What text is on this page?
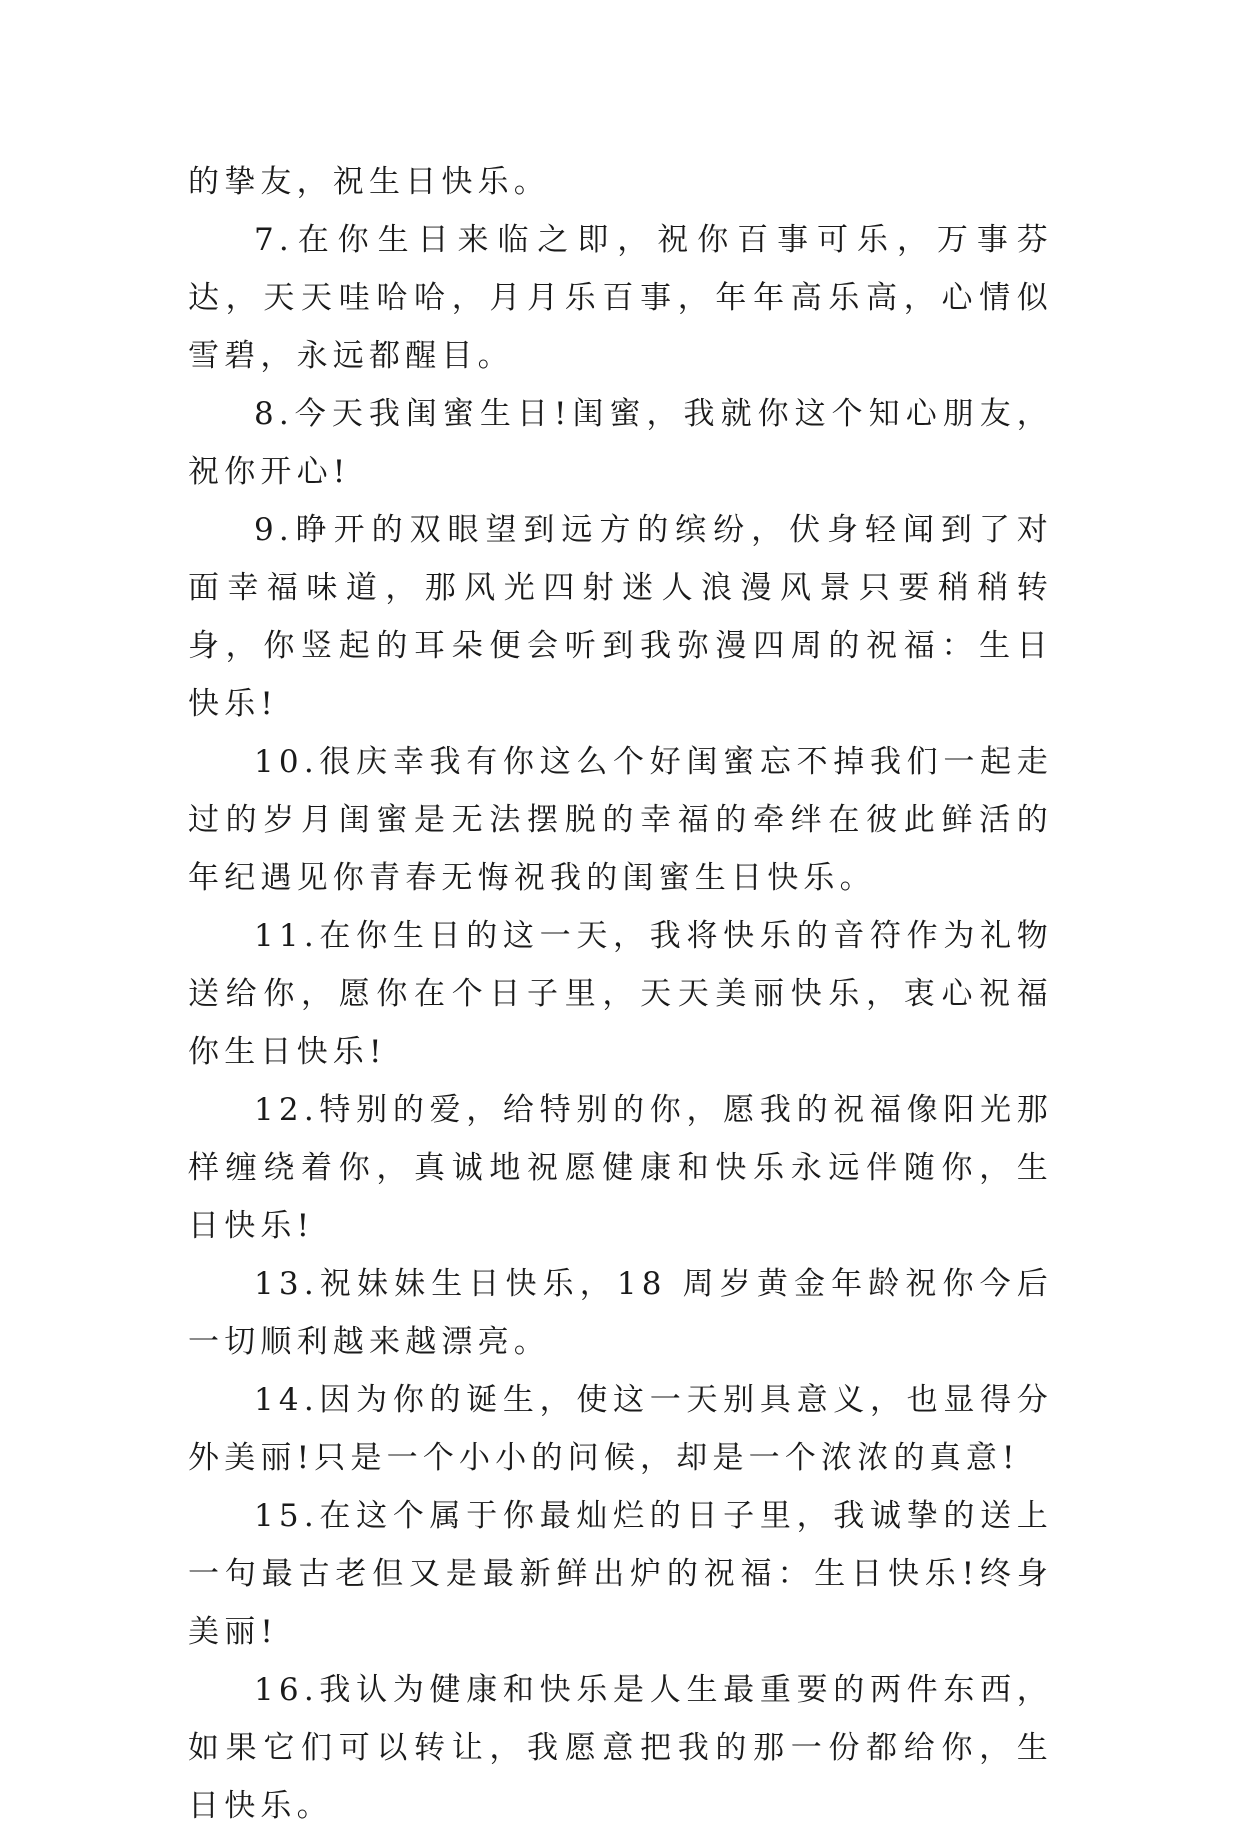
的挚友，祝生日快乐。

7.在你生日来临之即，祝你百事可乐，万事芬达，天天哇哈哈，月月乐百事，年年高乐高，心情似雪碧，永远都醒目。

8.今天我闺蜜生日!闺蜜，我就你这个知心朋友，祝你开心!

9.睁开的双眼望到远方的缤纷，伏身轻闻到了对面幸福味道，那风光四射迷人浪漫风景只要稍稍转身，你竖起的耳朵便会听到我弥漫四周的祝福：生日快乐!

10.很庆幸我有你这么个好闺蜜忘不掉我们一起走过的岁月闺蜜是无法摆脱的幸福的牵绊在彼此鲜活的年纪遇见你青春无悔祝我的闺蜜生日快乐。

11.在你生日的这一天，我将快乐的音符作为礼物送给你，愿你在个日子里，天天美丽快乐，衷心祝福你生日快乐!

12.特别的爱，给特别的你，愿我的祝福像阳光那样缠绕着你，真诚地祝愿健康和快乐永远伴随你，生日快乐!

13.祝妹妹生日快乐，18 周岁黄金年龄祝你今后一切顺利越来越漂亮。

14.因为你的诞生，使这一天别具意义，也显得分外美丽!只是一个小小的问候，却是一个浓浓的真意!

15.在这个属于你最灿烂的日子里，我诚挚的送上一句最古老但又是最新鲜出炉的祝福：生日快乐!终身美丽!

16.我认为健康和快乐是人生最重要的两件东西，如果它们可以转让，我愿意把我的那一份都给你，生日快乐。
